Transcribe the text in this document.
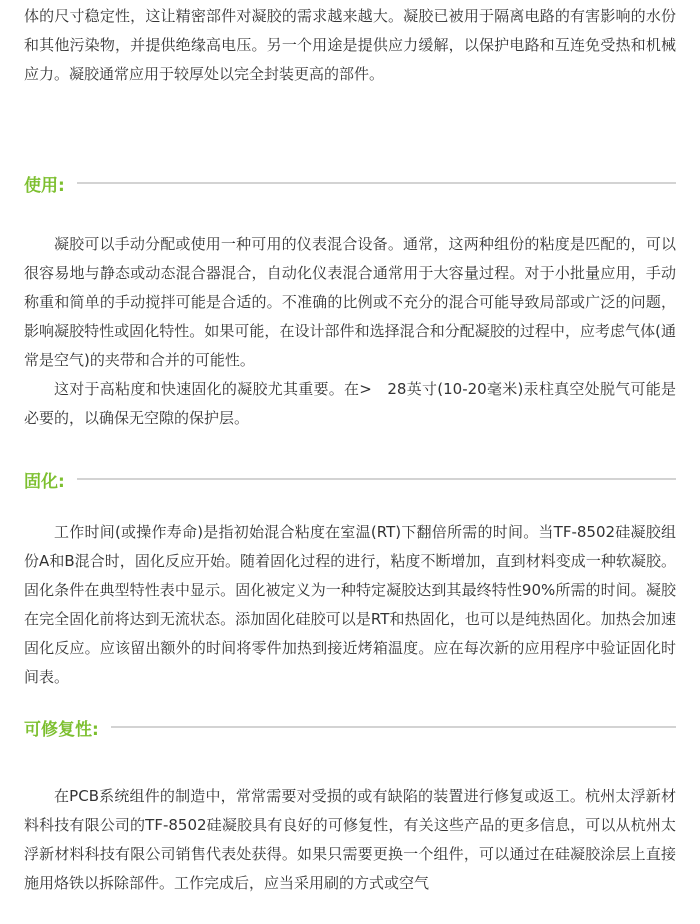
体的尺寸稳定性，这让精密部件对凝胶的需求越来越大。凝胶已被用于隔离电路的有害影响的水份和其他污染物，并提供绝缘高电压。另一个用途是提供应力缓解，以保护电路和互连免受热和机械应力。凝胶通常应用于较厚处以完全封装更高的部件。

使用:

凝胶可以手动分配或使用一种可用的仪表混合设备。通常，这两种组份的粘度是匹配的，可以很容易地与静态或动态混合器混合，自动化仪表混合通常用于大容量过程。对于小批量应用，手动称重和简单的手动搅拌可能是合适的。不准确的比例或不充分的混合可能导致局部或广泛的问题，影响凝胶特性或固化特性。如果可能，在设计部件和选择混合和分配凝胶的过程中，应考虑气体(通常是空气)的夹带和合并的可能性。

这对于高粘度和快速固化的凝胶尤其重要。在>　28英寸(10-20毫米)汞柱真空处脱气可能是必要的，以确保无空隙的保护层。

固化:

工作时间(或操作寿命)是指初始混合粘度在室温(RT)下翻倍所需的时间。当TF-8502硅凝胶组份A和B混合时，固化反应开始。随着固化过程的进行，粘度不断增加，直到材料变成一种软凝胶。固化条件在典型特性表中显示。固化被定义为一种特定凝胶达到其最终特性90%所需的时间。凝胶在完全固化前将达到无流状态。添加固化硅胶可以是RT和热固化，也可以是纯热固化。加热会加速固化反应。应该留出额外的时间将零件加热到接近烤箱温度。应在每次新的应用程序中验证固化时间表。

可修复性:

在PCB系统组件的制造中，常常需要对受损的或有缺陷的装置进行修复或返工。杭州太浮新材料科技有限公司的TF-8502硅凝胶具有良好的可修复性，有关这些产品的更多信息，可以从杭州太浮新材料科技有限公司销售代表处获得。如果只需要更换一个组件，可以通过在硅凝胶涂层上直接施用烙铁以拆除部件。工作完成后，应当采用刷的方式或空气
